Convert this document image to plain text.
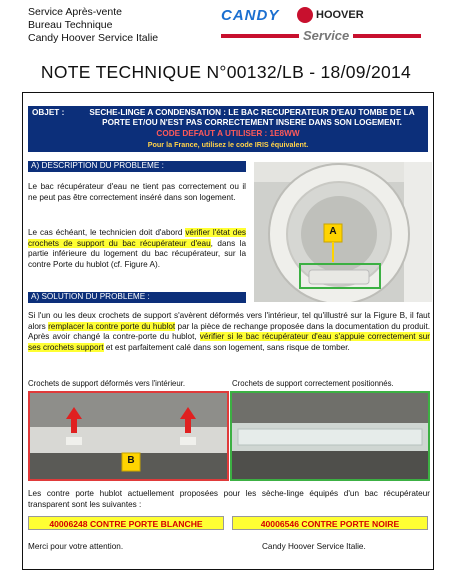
Service Après-vente
Bureau Technique
Candy Hoover Service Italie
CANDY	HOOVER
Service
NOTE TECHNIQUE N°00132/LB - 18/09/2014
OBJET :	SECHE-LINGE A CONDENSATION : LE BAC RECUPERATEUR D'EAU TOMBE DE LA PORTE ET/OU N'EST PAS CORRECTEMENT INSERE DANS SON LOGEMENT.
CODE DEFAUT A UTILISER : 1E8WW
Pour la France, utilisez le code IRIS équivalent.
A) DESCRIPTION DU PROBLEME :
Le bac récupérateur d'eau ne tient pas correctement ou il ne peut pas être correctement inséré dans son logement.
Le cas échéant, le technicien doit d'abord vérifier l'état des crochets de support du bac récupérateur d'eau, dans la partie inférieure du logement du bac récupérateur, sur la contre Porte du hublot (cf. Figure A).
A
A) SOLUTION DU PROBLEME :
Si l'un ou les deux crochets de support s'avèrent déformés vers l'intérieur, tel qu'illustré sur la Figure B, il faut alors remplacer la contre porte du hublot par la pièce de rechange proposée dans la documentation du produit. Après avoir changé la contre-porte du hublot, vérifier si le bac récupérateur d'eau s'appuie correctement sur ses crochets support et est parfaitement calé dans son logement, sans risque de tomber.
Crochets de support déformés vers l'intérieur.	Crochets de support correctement positionnés.
B
Les contre porte hublot actuellement proposées pour les sèche-linge équipés d'un bac récupérateur transparent sont les suivantes :
40006248 CONTRE PORTE BLANCHE	40006546 CONTRE PORTE NOIRE
Merci pour votre attention.	Candy Hoover Service Italie.
